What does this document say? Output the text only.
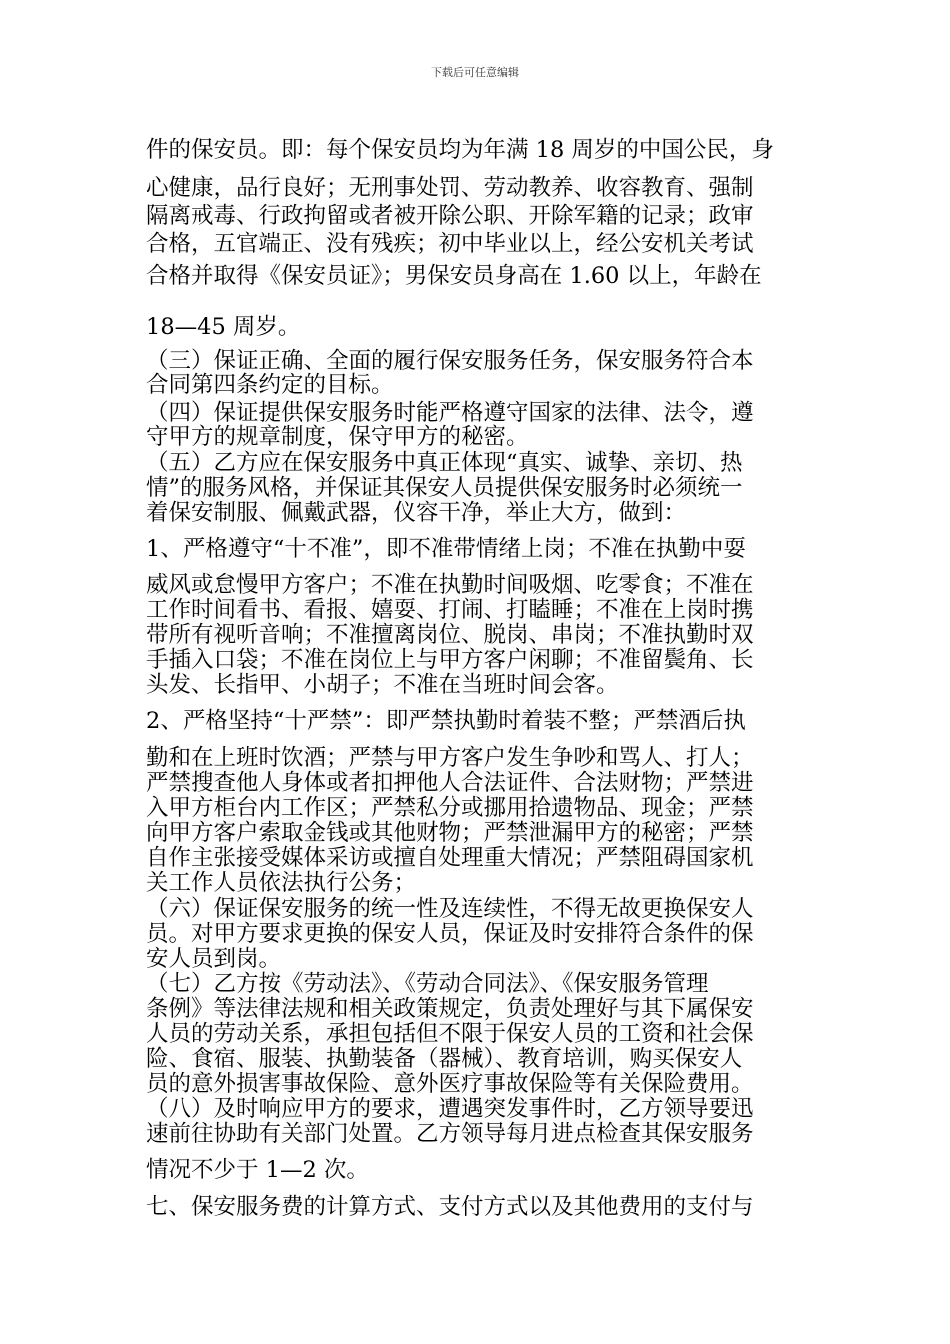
下载后可任意编辑
件的保安员。即：每个保安员均为年满 18 周岁的中国公民，身
心健康，品行良好；无刑事处罚、劳动教养、收容教育、强制
隔离戒毒、行政拘留或者被开除公职、开除军籍的记录；政审
合格，五官端正、没有残疾；初中毕业以上，经公安机关考试
合格并取得《保安员证》；男保安员身高在 1.60 以上，年龄在
18—45 周岁。
（三）保证正确、全面的履行保安服务任务，保安服务符合本
合同第四条约定的目标。
（四）保证提供保安服务时能严格遵守国家的法律、法令，遵
守甲方的规章制度，保守甲方的秘密。
（五）乙方应在保安服务中真正体现“真实、诚挚、亲切、热
情”的服务风格，并保证其保安人员提供保安服务时必须统一
着保安制服、佩戴武器，仪容干净，举止大方，做到：
1、严格遵守“十不准”，即不准带情绪上岗；不准在执勤中耍
威风或怠慢甲方客户；不准在执勤时间吸烟、吃零食；不准在
工作时间看书、看报、嬉耍、打闹、打瞌睡；不准在上岗时携
带所有视听音响；不准擅离岗位、脱岗、串岗；不准执勤时双
手插入口袋；不准在岗位上与甲方客户闲聊；不准留鬓角、长
头发、长指甲、小胡子；不准在当班时间会客。
2、严格坚持“十严禁”：即严禁执勤时着装不整；严禁酒后执
勤和在上班时饮酒；严禁与甲方客户发生争吵和骂人、打人；
严禁搜查他人身体或者扣押他人合法证件、合法财物；严禁进
入甲方柜台内工作区；严禁私分或挪用拾遗物品、现金；严禁
向甲方客户索取金钱或其他财物；严禁泄漏甲方的秘密；严禁
自作主张接受媒体采访或擅自处理重大情况；严禁阻碍国家机
关工作人员依法执行公务；
（六）保证保安服务的统一性及连续性，不得无故更换保安人
员。对甲方要求更换的保安人员，保证及时安排符合条件的保
安人员到岗。
（七）乙方按《劳动法》、《劳动合同法》、《保安服务管理
条例》等法律法规和相关政策规定，负责处理好与其下属保安
人员的劳动关系，承担包括但不限于保安人员的工资和社会保
险、食宿、服装、执勤装备（器械）、教育培训，购买保安人
员的意外损害事故保险、意外医疗事故保险等有关保险费用。
（八）及时响应甲方的要求，遭遇突发事件时，乙方领导要迅
速前往协助有关部门处置。乙方领导每月进点检查其保安服务
情况不少于 1—2 次。
七、保安服务费的计算方式、支付方式以及其他费用的支付与
